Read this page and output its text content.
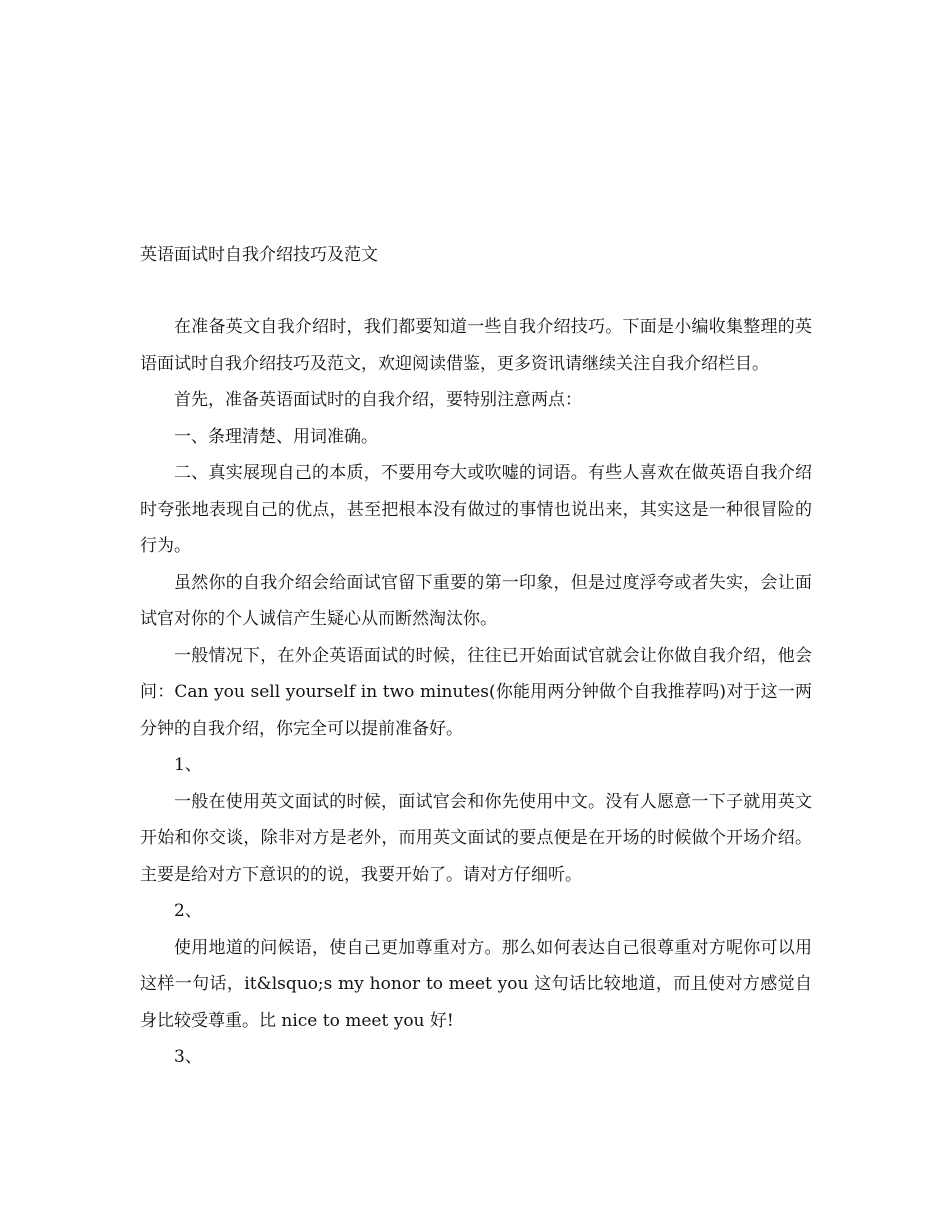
英语面试时自我介绍技巧及范文

在准备英文自我介绍时，我们都要知道一些自我介绍技巧。下面是小编收集整理的英语面试时自我介绍技巧及范文，欢迎阅读借鉴，更多资讯请继续关注自我介绍栏目。

首先，准备英语面试时的自我介绍，要特别注意两点：

一、条理清楚、用词准确。

二、真实展现自己的本质，不要用夸大或吹嘘的词语。有些人喜欢在做英语自我介绍时夸张地表现自己的优点，甚至把根本没有做过的事情也说出来，其实这是一种很冒险的行为。

虽然你的自我介绍会给面试官留下重要的第一印象，但是过度浮夸或者失实，会让面试官对你的个人诚信产生疑心从而断然淘汰你。

一般情况下，在外企英语面试的时候，往往已开始面试官就会让你做自我介绍，他会问：Can you sell yourself in two minutes(你能用两分钟做个自我推荐吗)对于这一两分钟的自我介绍，你完全可以提前准备好。

1、

一般在使用英文面试的时候，面试官会和你先使用中文。没有人愿意一下子就用英文开始和你交谈，除非对方是老外，而用英文面试的要点便是在开场的时候做个开场介绍。主要是给对方下意识的的说，我要开始了。请对方仔细听。

2、

使用地道的问候语，使自己更加尊重对方。那么如何表达自己很尊重对方呢你可以用这样一句话，it&lsquo;s my honor to meet you 这句话比较地道，而且使对方感觉自身比较受尊重。比 nice to meet you 好!

3、
